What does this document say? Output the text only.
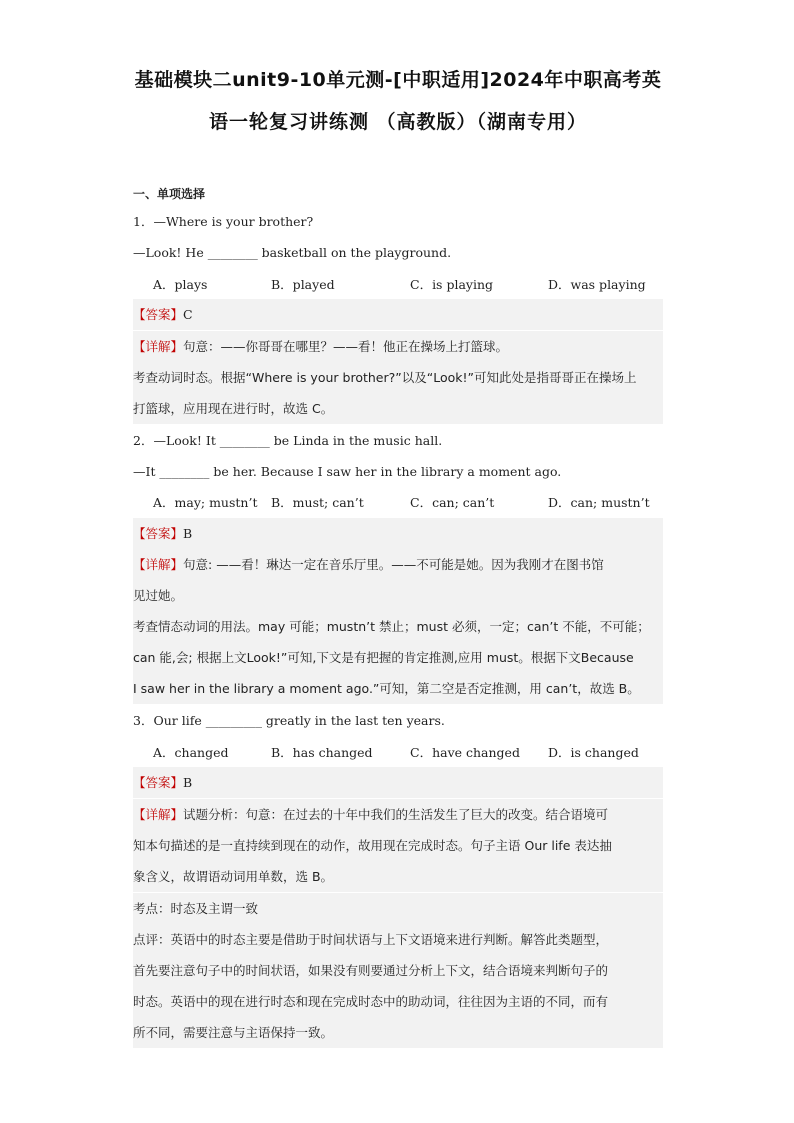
基础模块二unit9-10单元测-[中职适用]2024年中职高考英
语一轮复习讲练测 （高教版）（湖南专用）
一、单项选择
1．—Where is your brother?
—Look! He ________ basketball on the playground.
A．plays	B．played	C．is playing	D．was playing
【答案】C
【详解】句意：——你哥哥在哪里？——看！他正在操场上打篮球。
考查动词时态。根据“Where is your brother?”以及“Look!”可知此处是指哥哥正在操场上
打篮球，应用现在进行时，故选 C。
2．—Look! It ________ be Linda in the music hall.
—It ________ be her. Because I saw her in the library a moment ago.
A．may; mustn’t B．must; can’t	C．can; can’t	D．can; mustn’t
【答案】B
【详解】句意: ——看！琳达一定在音乐厅里。——不可能是她。因为我刚才在图书馆
见过她。
考查情态动词的用法。may 可能；mustn’t 禁止；must 必须，一定；can’t 不能，不可能；
can 能,会; 根据上文Look!”可知,下文是有把握的肯定推测,应用 must。根据下文Because
I saw her in the library a moment ago.”可知，第二空是否定推测，用 can’t，故选 B。
3．Our life _________ greatly in the last ten years.
A．changed	B．has changed	C．have changed D．is changed
【答案】B
【详解】试题分析：句意：在过去的十年中我们的生活发生了巨大的改变。结合语境可
知本句描述的是一直持续到现在的动作，故用现在完成时态。句子主语 Our life 表达抽
象含义，故谓语动词用单数，选 B。
考点：时态及主谓一致
点评：英语中的时态主要是借助于时间状语与上下文语境来进行判断。解答此类题型，
首先要注意句子中的时间状语，如果没有则要通过分析上下文，结合语境来判断句子的
时态。英语中的现在进行时态和现在完成时态中的助动词，往往因为主语的不同，而有
所不同，需要注意与主语保持一致。
